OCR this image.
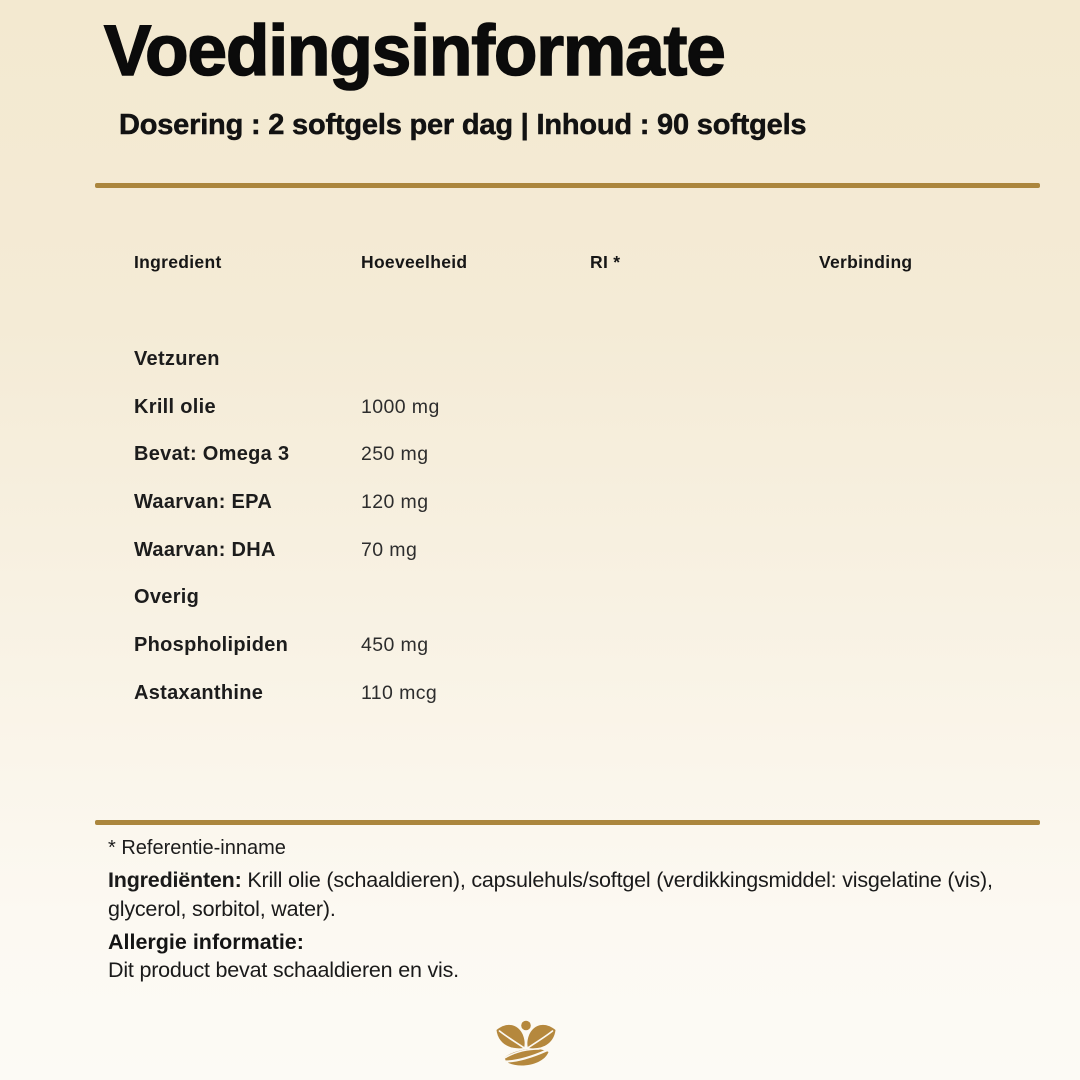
Voedingsinformate
Dosering : 2 softgels per dag | Inhoud : 90 softgels
Ingredient	Hoeveelheid	RI *	Verbinding
Vetzuren
Krill olie	1000 mg
Bevat: Omega 3	250 mg
Waarvan: EPA	120 mg
Waarvan: DHA	70 mg
Overig
Phospholipiden	450 mg
Astaxanthine	110 mcg
* Referentie-inname
Ingrediënten: Krill olie (schaaldieren), capsulehuls/softgel (verdikkingsmiddel: visgelatine (vis), glycerol, sorbitol, water).
Allergie informatie:
Dit product bevat schaaldieren en vis.
